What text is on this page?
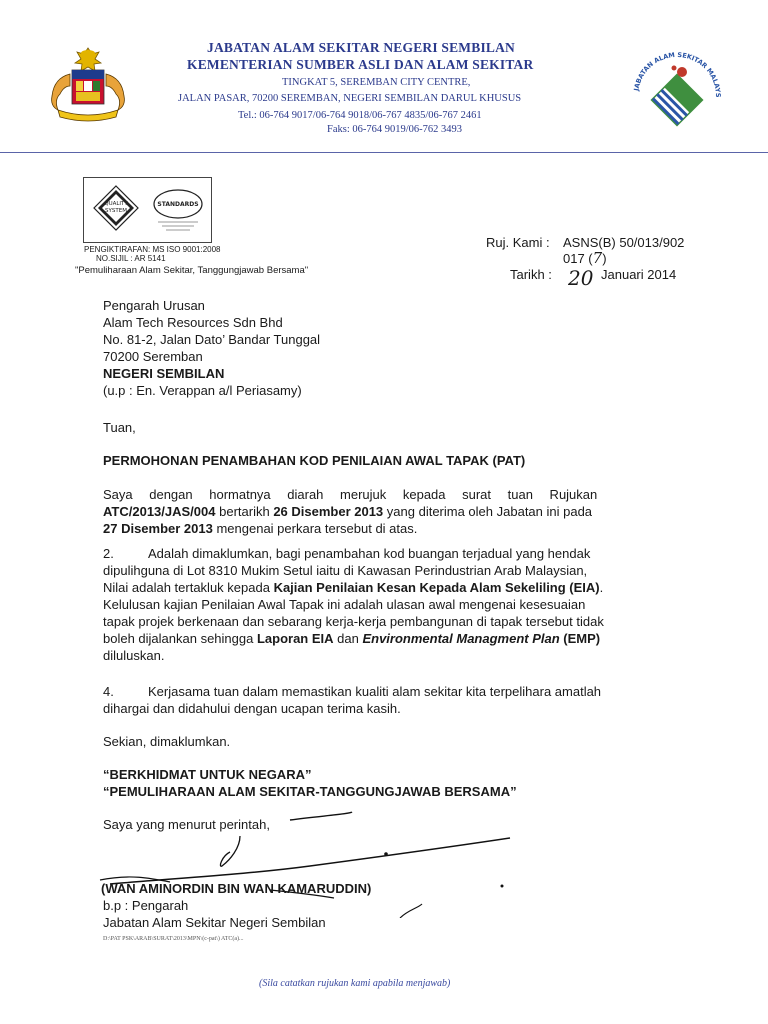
JABATAN ALAM SEKITAR NEGERI SEMBILAN
KEMENTERIAN SUMBER ASLI DAN ALAM SEKITAR
TINGKAT 5, SEREMBAN CITY CENTRE,
JALAN PASAR, 70200 SEREMBAN, NEGERI SEMBILAN DARUL KHUSUS
Tel.: 06-764 9017/06-764 9018/06-767 4835/06-767 2461
Faks: 06-764 9019/06-762 3493
JABATAN ALAM SEKITAR MALAYS
QUALITY
SYSTEM
STANDARDS
PENGIKTIRAFAN: MS ISO 9001:2008
NO.SIJIL : AR 5141
"Pemuliharaan Alam Sekitar, Tanggungjawab Bersama"
Ruj. Kami : ASNS(B) 50/013/902
017 (7)
Tarikh : 20 Januari 2014
Pengarah Urusan
Alam Tech Resources Sdn Bhd
No. 81-2, Jalan Dato’ Bandar Tunggal
70200 Seremban
NEGERI SEMBILAN
(u.p : En. Verappan a/l Periasamy)
Tuan,
PERMOHONAN PENAMBAHAN KOD PENILAIAN AWAL TAPAK (PAT)
Saya dengan hormatnya diarah merujuk kepada surat tuan Rujukan
ATC/2013/JAS/004 bertarikh 26 Disember 2013 yang diterima oleh Jabatan ini pada
27 Disember 2013 mengenai perkara tersebut di atas.
2.	Adalah dimaklumkan, bagi penambahan kod buangan terjadual yang hendak
dipulihguna di Lot 8310 Mukim Setul iaitu di Kawasan Perindustrian Arab Malaysian,
Nilai adalah tertakluk kepada Kajian Penilaian Kesan Kepada Alam Sekeliling (EIA).
Kelulusan kajian Penilaian Awal Tapak ini adalah ulasan awal mengenai kesesuaian
tapak projek berkenaan dan sebarang kerja-kerja pembangunan di tapak tersebut tidak
boleh dijalankan sehingga Laporan EIA dan Environmental Managment Plan (EMP)
diluluskan.
4.	Kerjasama tuan dalam memastikan kualiti alam sekitar kita terpelihara amatlah
dihargai dan didahului dengan ucapan terima kasih.
Sekian, dimaklumkan.
“BERKHIDMAT UNTUK NEGARA”
“PEMULIHARAAN ALAM SEKITAR-TANGGUNGJAWAB BERSAMA”
Saya yang menurut perintah,
(WAN AMINORDIN BIN WAN KAMARUDDIN)
b.p : Pengarah
Jabatan Alam Sekitar Negeri Sembilan
D:\PAT PSK\ARAB\SURAT\2013\MPN\(c-pat\) ATC(a)...
(Sila catatkan rujukan kami apabila menjawab)
